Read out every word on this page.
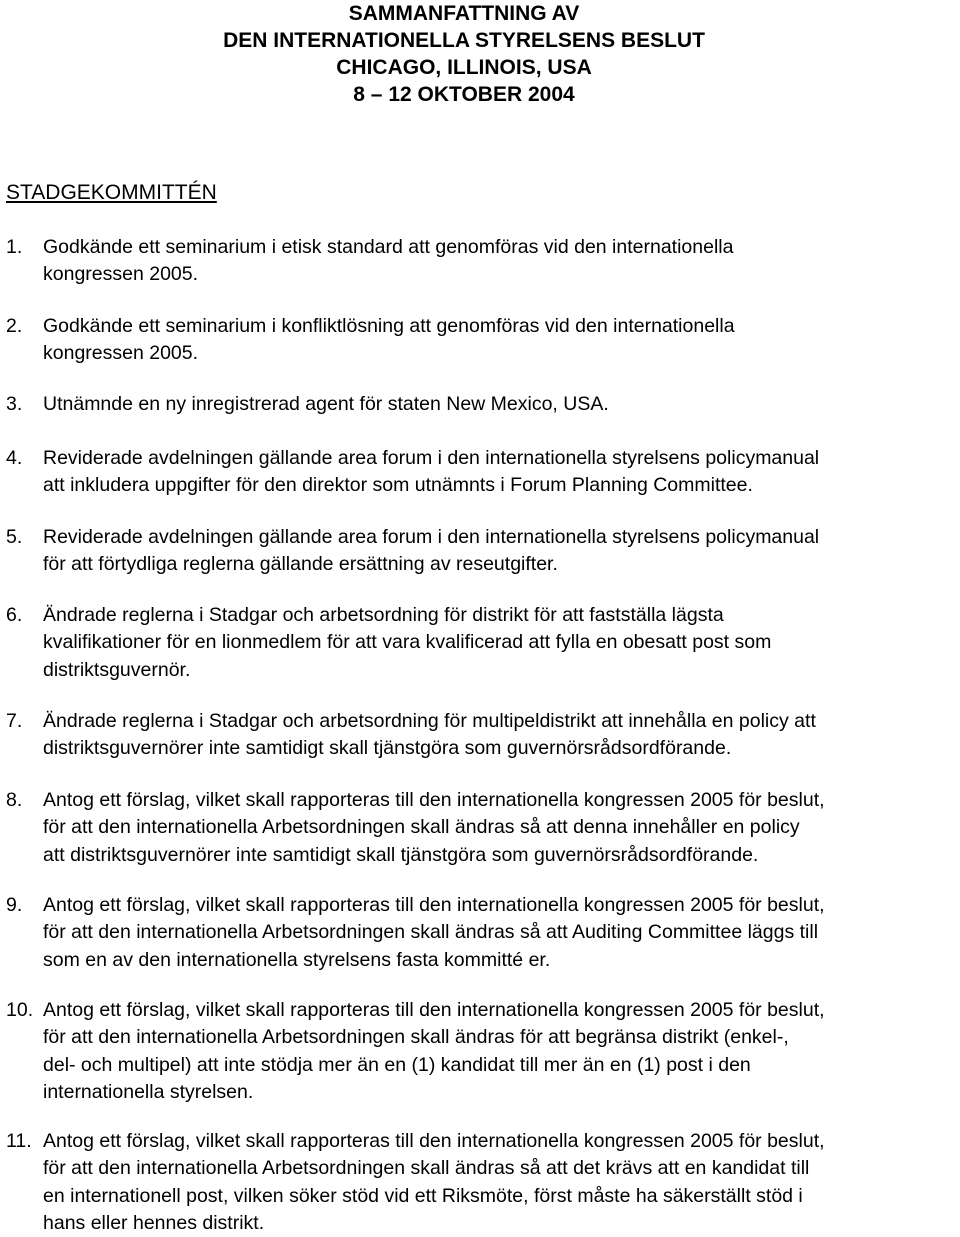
SAMMANFATTNING AV
DEN INTERNATIONELLA STYRELSENS BESLUT
CHICAGO, ILLINOIS, USA
8 – 12 OKTOBER 2004
STADGEKOMMITTÉN
1. Godkände ett seminarium i etisk standard att genomföras vid den internationella
kongressen 2005.
2. Godkände ett seminarium i konfliktlösning att genomföras vid den internationella
kongressen 2005.
3. Utnämnde en ny inregistrerad agent för staten New Mexico, USA.
4. Reviderade avdelningen gällande area forum i den internationella styrelsens policymanual
att inkludera uppgifter för den direktor som utnämnts i Forum Planning Committee.
5. Reviderade avdelningen gällande area forum i den internationella styrelsens policymanual
för att förtydliga reglerna gällande ersättning av reseutgifter.
6. Ändrade reglerna i Stadgar och arbetsordning för distrikt för att fastställa lägsta
kvalifikationer för en lionmedlem för att vara kvalificerad att fylla en obesatt post som
distriktsguvernör.
7. Ändrade reglerna i Stadgar och arbetsordning för multipeldistrikt att innehålla en policy att
distriktsguvernörer inte samtidigt skall tjänstgöra som guvernörsrådsordförande.
8. Antog ett förslag, vilket skall rapporteras till den internationella kongressen 2005 för beslut,
för att den internationella Arbetsordningen skall ändras så att denna innehåller en policy
att distriktsguvernörer inte samtidigt skall tjänstgöra som guvernörsrådsordförande.
9. Antog ett förslag, vilket skall rapporteras till den internationella kongressen 2005 för beslut,
för att den internationella Arbetsordningen skall ändras så att Auditing Committee läggs till
som en av den internationella styrelsens fasta kommitté er.
10. Antog ett förslag, vilket skall rapporteras till den internationella kongressen 2005 för beslut,
för att den internationella Arbetsordningen skall ändras för att begränsa distrikt (enkel-,
del- och multipel) att inte stödja mer än en (1) kandidat till mer än en (1) post i den
internationella styrelsen.
11. Antog ett förslag, vilket skall rapporteras till den internationella kongressen 2005 för beslut,
för att den internationella Arbetsordningen skall ändras så att det krävs att en kandidat till
en internationell post, vilken söker stöd vid ett Riksmöte, först måste ha säkerställt stöd i
hans eller hennes distrikt.
